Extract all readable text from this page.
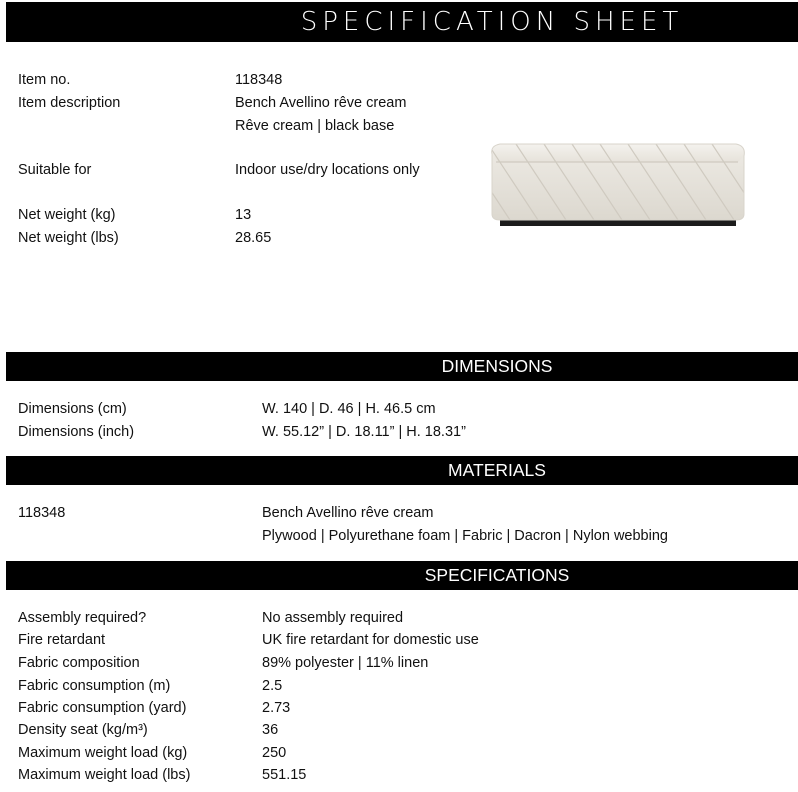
SPECIFICATION SHEET
Item no.	118348
Item description	Bench Avellino rêve cream
Rêve cream | black base
Suitable for	Indoor use/dry locations only
Net weight (kg)	13
Net weight (lbs)	28.65
DIMENSIONS
Dimensions (cm)	W. 140 | D. 46 | H. 46.5 cm
Dimensions (inch)	W. 55.12” | D. 18.11” | H. 18.31”
MATERIALS
118348	Bench Avellino rêve cream
Plywood | Polyurethane foam | Fabric | Dacron | Nylon webbing
SPECIFICATIONS
Assembly required?	No assembly required
Fire retardant	UK fire retardant for domestic use
Fabric composition	89% polyester | 11% linen
Fabric consumption (m)	2.5
Fabric consumption (yard)	2.73
Density seat (kg/m³)	36
Maximum weight load (kg)	250
Maximum weight load (lbs)	551.15
